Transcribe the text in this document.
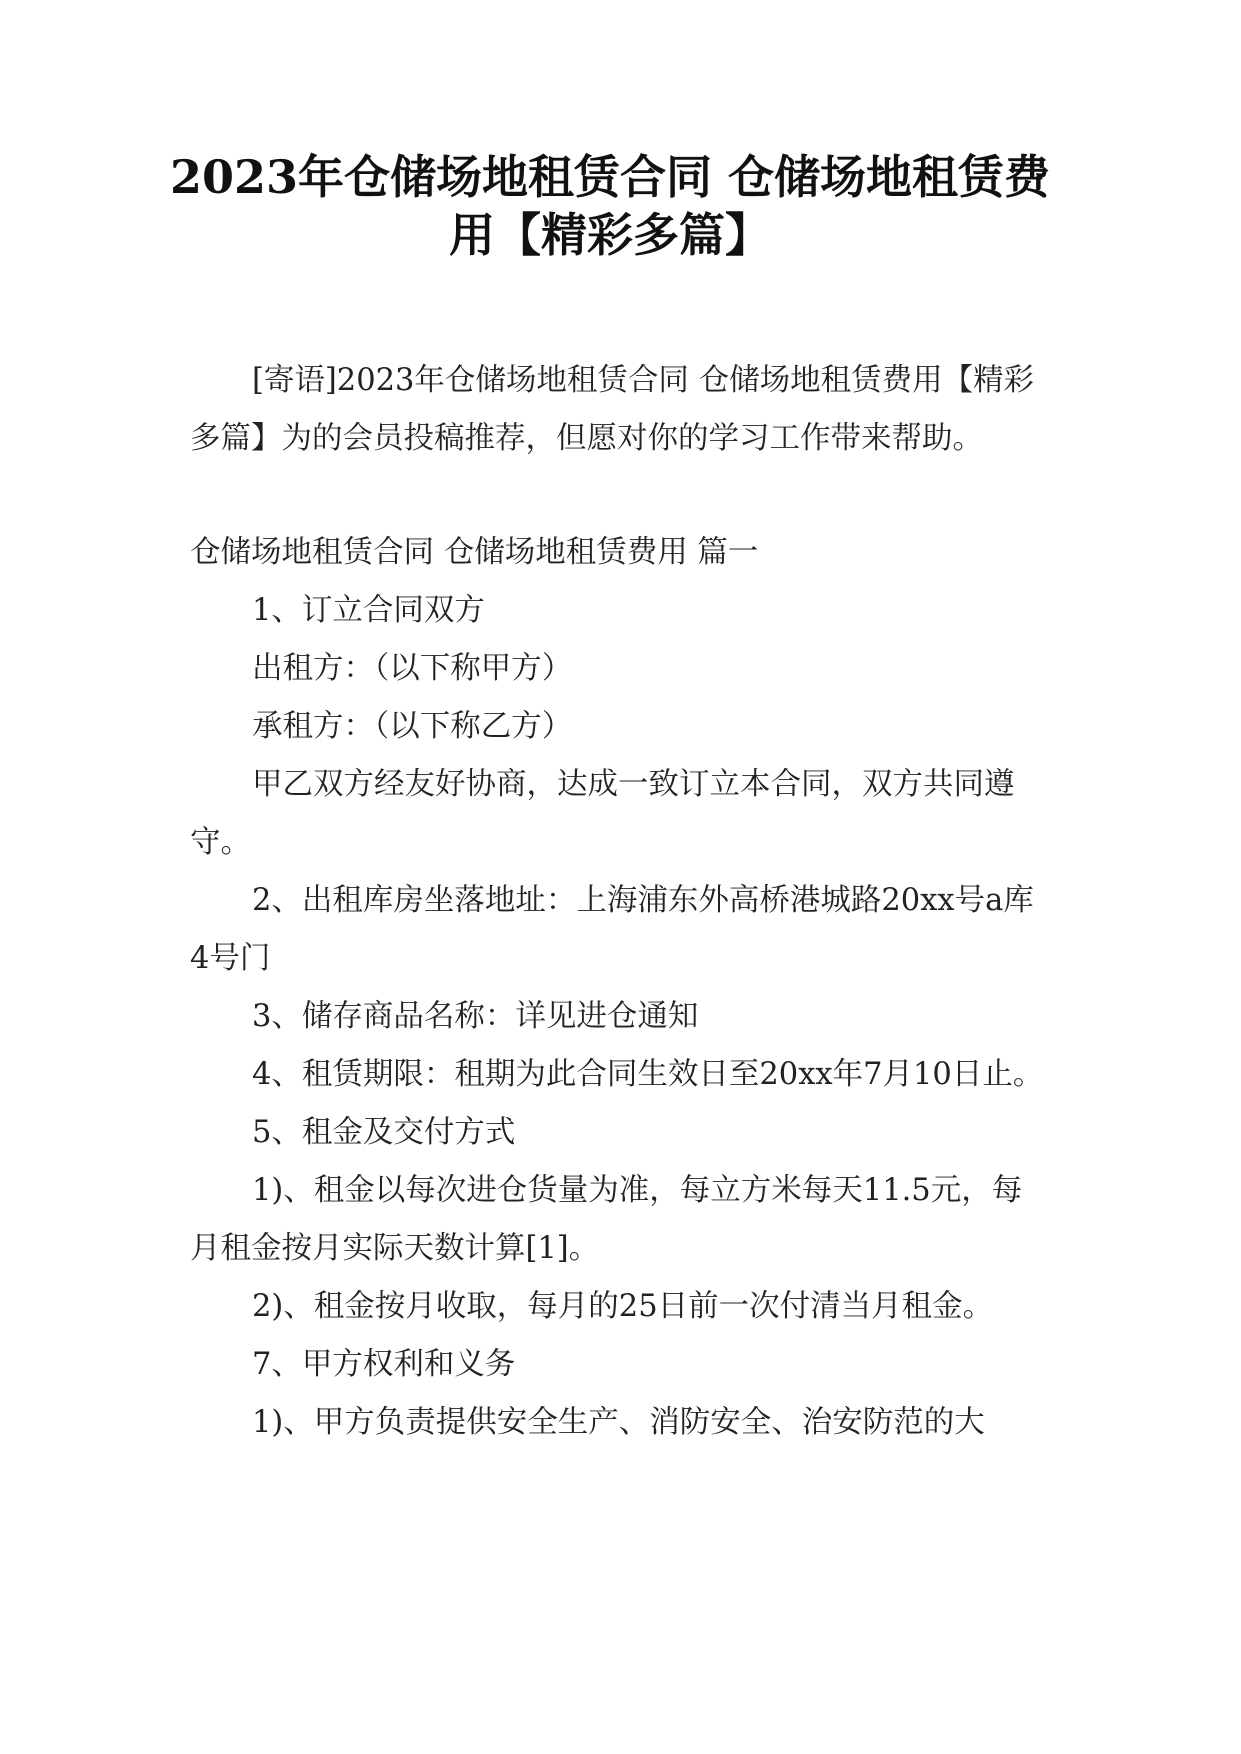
2023年仓储场地租赁合同 仓储场地租赁费
用【精彩多篇】

[寄语]2023年仓储场地租赁合同 仓储场地租赁费用【精彩多篇】为的会员投稿推荐，但愿对你的学习工作带来帮助。

仓储场地租赁合同 仓储场地租赁费用 篇一

1、订立合同双方

出租方：（以下称甲方）

承租方：（以下称乙方）

甲乙双方经友好协商，达成一致订立本合同，双方共同遵守。

2、出租库房坐落地址：上海浦东外高桥港城路20xx号a库4号门

3、储存商品名称：详见进仓通知

4、租赁期限：租期为此合同生效日至20xx年7月10日止。

5、租金及交付方式

1)、租金以每次进仓货量为准，每立方米每天11.5元，每月租金按月实际天数计算[1]。

2)、租金按月收取，每月的25日前一次付清当月租金。

7、甲方权利和义务

1)、甲方负责提供安全生产、消防安全、治安防范的大
